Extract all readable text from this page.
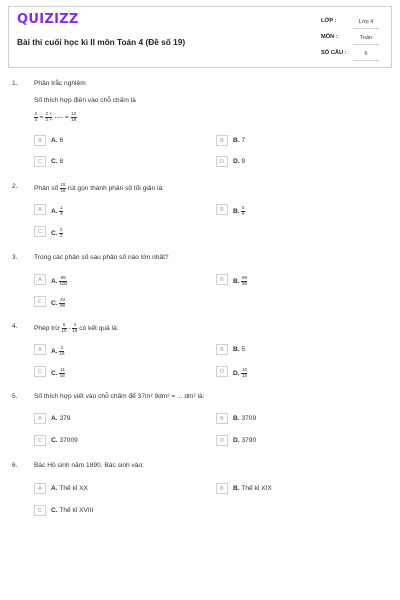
QUIZIZZ
Bài thi cuối học kì II môn Toán 4 (Đề số 19)
LỚP :	Lớp 4
MÔN :	Toán
SỐ CÂU :	6
1.	Phần trắc nghiệm
Số thích hợp điền vào chỗ chấm là
$\frac{2}{3} = \frac{2 \times}{3 \times}$ ---- = $\frac{12}{18}$
A	A. 6	B	B. 7
C	C. 8	D	D. 9
2.	Phân số $\frac{15}{18}$ rút gọn thành phân số tối giản là:
A	A. $\frac{1}{3}$	B	B. $\frac{5}{6}$
C	C. $\frac{2}{3}$
3.	Trong các phân số sau phân số nào lớn nhất?
A	A. $\frac{95}{100}$	B	B. $\frac{99}{98}$
C	C. $\frac{33}{99}$
4.	Phép trừ $\frac{6}{15} - \frac{4}{15}$ có kết quả là:
A	A. $\frac{2}{15}$	B	B. 5
C	C. $\frac{11}{15}$	D	D. $\frac{10}{15}$
5.	Số thích hợp viết vào chỗ chấm để 37m² 9dm² = ... dm² là:
A	A. 379	B	B. 3709
C	C. 37009	D	D. 3790
6.	Bác Hồ sinh năm 1890. Bác sinh vào:
A	A. Thế kỉ XX	B	B. Thế kỉ XIX
C	C. Thế kỉ XVIII
